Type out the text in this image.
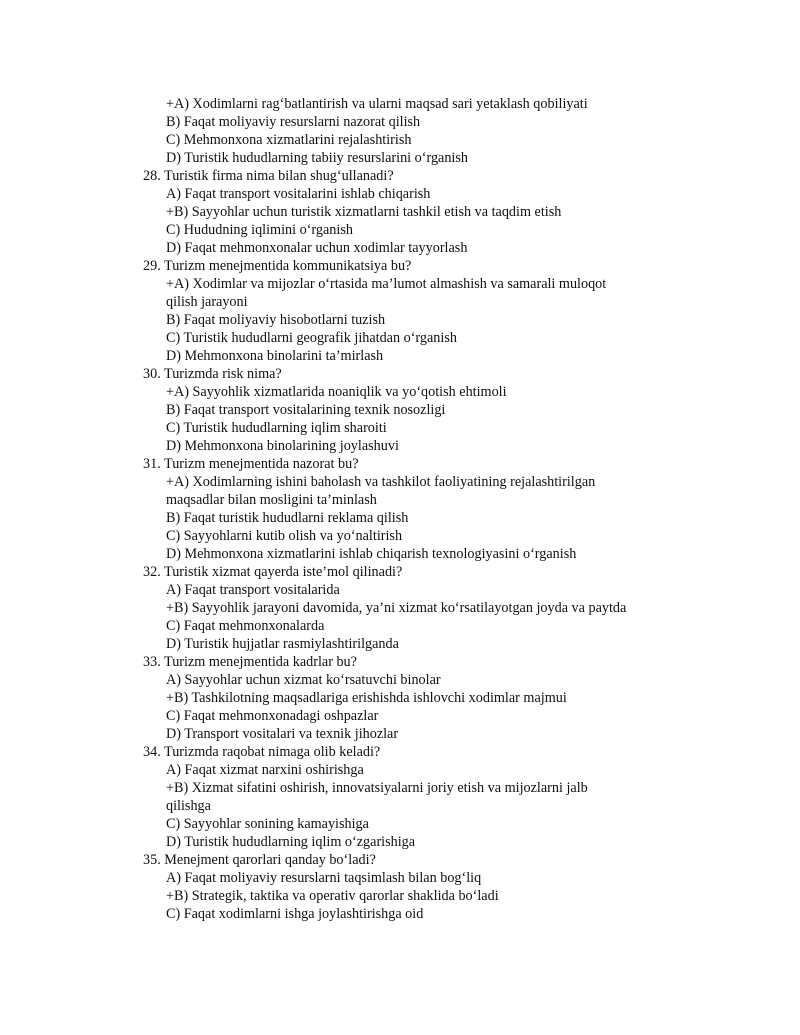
+A) Xodimlarni rag‘batlantirish va ularni maqsad sari yetaklash qobiliyati
B) Faqat moliyaviy resurslarni nazorat qilish
C) Mehmonxona xizmatlarini rejalashtirish
D) Turistik hududlarning tabiiy resurslarini o‘rganish
28. Turistik firma nima bilan shug‘ullanadi?
A) Faqat transport vositalarini ishlab chiqarish
+B) Sayyohlar uchun turistik xizmatlarni tashkil etish va taqdim etish
C) Hududning iqlimini o‘rganish
D) Faqat mehmonxonalar uchun xodimlar tayyorlash
29. Turizm menejmentida kommunikatsiya bu?
+A) Xodimlar va mijozlar o‘rtasida ma’lumot almashish va samarali muloqot
qilish jarayoni
B) Faqat moliyaviy hisobotlarni tuzish
C) Turistik hududlarni geografik jihatdan o‘rganish
D) Mehmonxona binolarini ta’mirlash
30. Turizmda risk nima?
+A) Sayyohlik xizmatlarida noaniqlik va yo‘qotish ehtimoli
B) Faqat transport vositalarining texnik nosozligi
C) Turistik hududlarning iqlim sharoiti
D) Mehmonxona binolarining joylashuvi
31. Turizm menejmentida nazorat bu?
+A) Xodimlarning ishini baholash va tashkilot faoliyatining rejalashtirilgan
maqsadlar bilan mosligini ta’minlash
B) Faqat turistik hududlarni reklama qilish
C) Sayyohlarni kutib olish va yo‘naltirish
D) Mehmonxona xizmatlarini ishlab chiqarish texnologiyasini o‘rganish
32. Turistik xizmat qayerda iste’mol qilinadi?
A) Faqat transport vositalarida
+B) Sayyohlik jarayoni davomida, ya’ni xizmat ko‘rsatilayotgan joyda va paytda
C) Faqat mehmonxonalarda
D) Turistik hujjatlar rasmiylashtirilganda
33. Turizm menejmentida kadrlar bu?
A) Sayyohlar uchun xizmat ko‘rsatuvchi binolar
+B) Tashkilotning maqsadlariga erishishda ishlovchi xodimlar majmui
C) Faqat mehmonxonadagi oshpazlar
D) Transport vositalari va texnik jihozlar
34. Turizmda raqobat nimaga olib keladi?
A) Faqat xizmat narxini oshirishga
+B) Xizmat sifatini oshirish, innovatsiyalarni joriy etish va mijozlarni jalb
qilishga
C) Sayyohlar sonining kamayishiga
D) Turistik hududlarning iqlim o‘zgarishiga
35. Menejment qarorlari qanday bo‘ladi?
A) Faqat moliyaviy resurslarni taqsimlash bilan bog‘liq
+B) Strategik, taktika va operativ qarorlar shaklida bo‘ladi
C) Faqat xodimlarni ishga joylashtirishga oid
